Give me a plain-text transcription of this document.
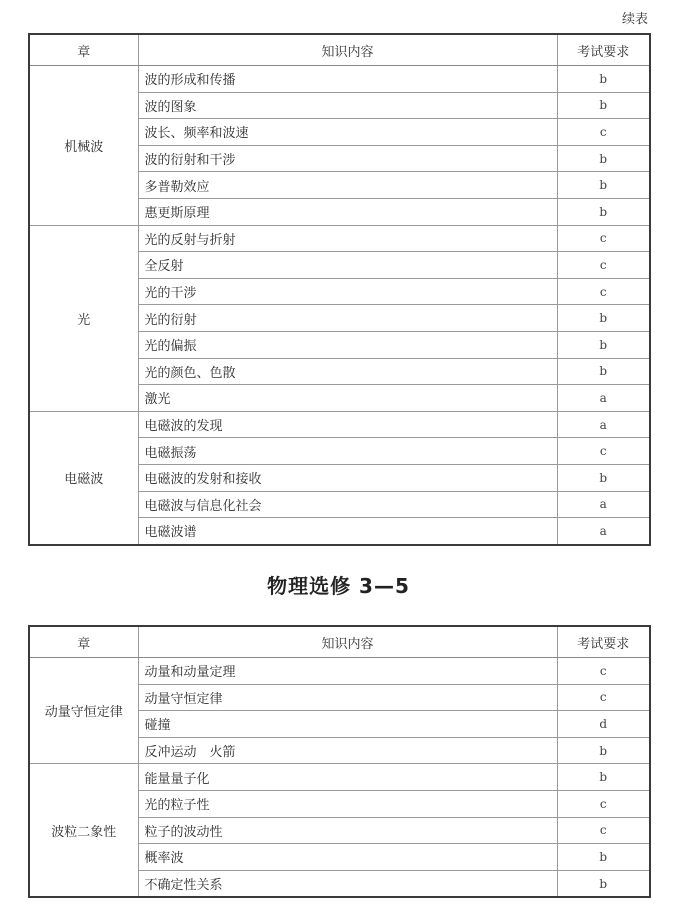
续表
章	知识内容	考试要求
机械波	波的形成和传播	b
	波的图象	b
	波长、频率和波速	c
	波的衍射和干涉	b
	多普勒效应	b
	惠更斯原理	b
光	光的反射与折射	c
	全反射	c
	光的干涉	c
	光的衍射	b
	光的偏振	b
	光的颜色、色散	b
	激光	a
电磁波	电磁波的发现	a
	电磁振荡	c
	电磁波的发射和接收	b
	电磁波与信息化社会	a
	电磁波谱	a
物理选修 3—5
章	知识内容	考试要求
动量守恒定律	动量和动量定理	c
	动量守恒定律	c
	碰撞	d
	反冲运动　火箭	b
波粒二象性	能量量子化	b
	光的粒子性	c
	粒子的波动性	c
	概率波	b
	不确定性关系	b
